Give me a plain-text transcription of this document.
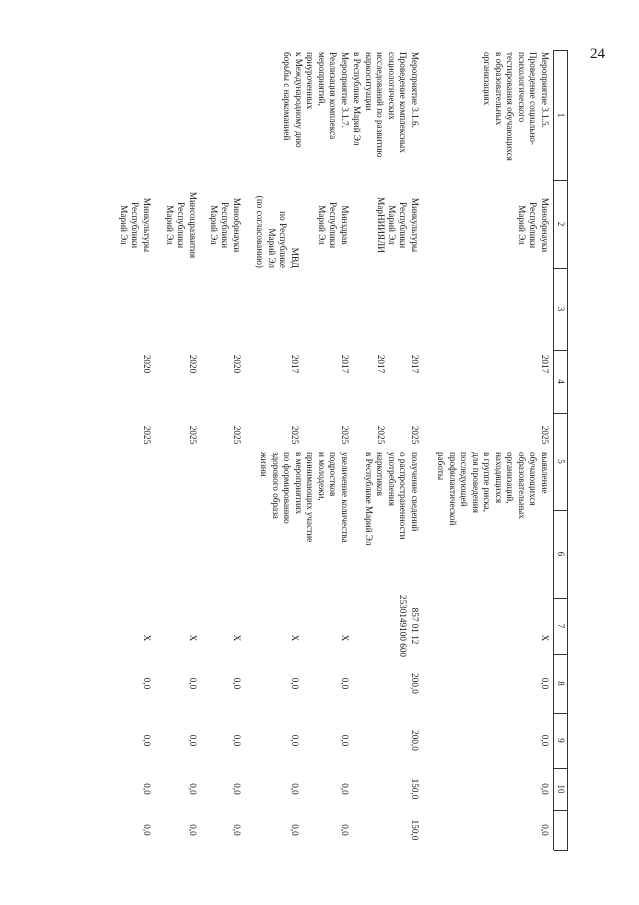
24
1
2
3
4
5
6
7
8
9
10
Мероприятие 3.1.5.
Проведение социально-
психологического
тестирования обучающихся
в образовательных
организациях
Минобрнауки
Республики
Марий Эл
2017
2025
выявление
обучающихся
образовательных
организаций,
находящихся
в группе риска,
для проведения
последующей
профилактической
работы
X
0,0
0,0
0,0
0,0
Мероприятие 3.1.6.
Проведение комплексных
социологических
исследований по развитию
наркоситуации
в Республике Марий Эл
Минкультуры
Республики
Марий Эл
МарНИИЯЛИ
2017
2017
2025
2025
получение сведений
о распространенности
употребления
наркотиков
в Республике Марий Эл
857 01 12
2530149100 600
200,0
200,0
150,0
150,0
Мероприятие 3.1.7.
Реализация комплекса
мероприятий,
приуроченных
к Международному дню
борьбы с наркоманией
Минздрав
Республики
Марий Эл
2017
2025
увеличение количества
подростков
и молодежи,
принимающих участие
в мероприятиях
по формированию
здорового образа
жизни
X
0,0
0,0
0,0
0,0
МВД
по Республике
Марий Эл
(по согласованию)
2017
2025
X
0,0
0,0
0,0
0,0
Минобрнауки
Республики
Марий Эл
2020
2025
X
0,0
0,0
0,0
0,0
Минсоцразвития
Республики
Марий Эл
2020
2025
X
0,0
0,0
0,0
0,0
Минкультуры
Республики
Марий Эл
2020
2025
X
0,0
0,0
0,0
0,0
